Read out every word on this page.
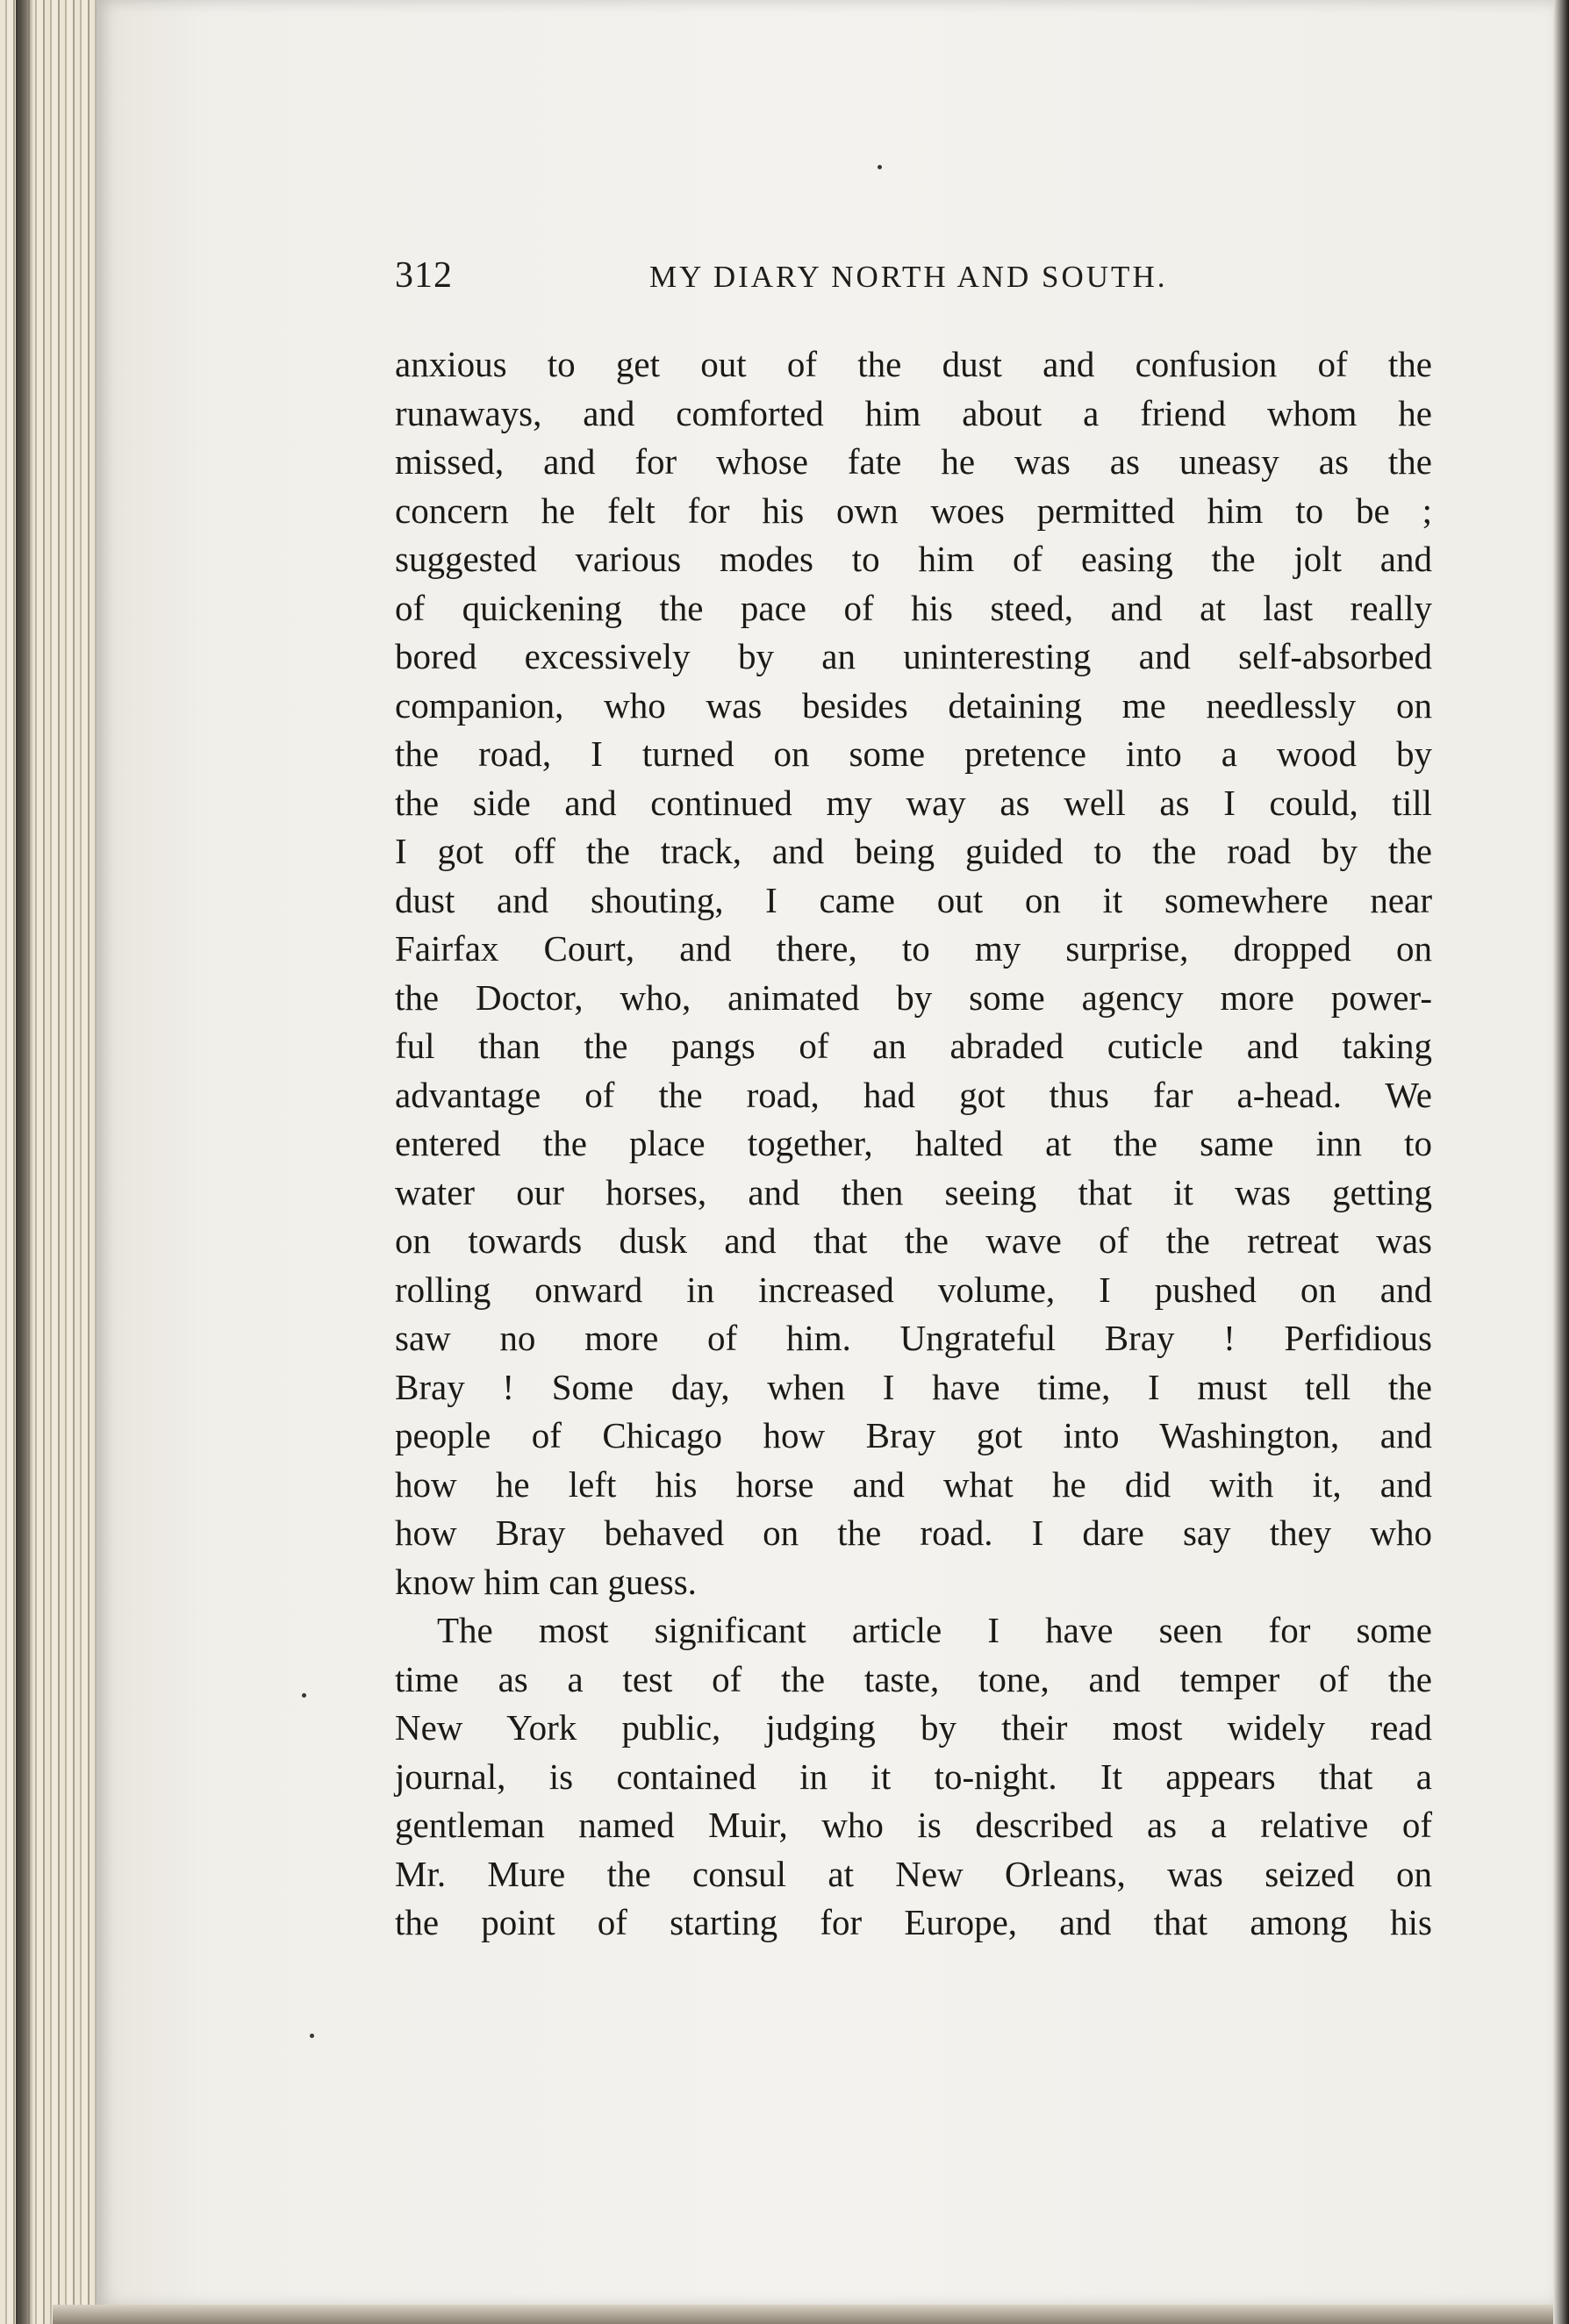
312	MY DIARY NORTH AND SOUTH.
anxious to get out of the dust and confusion of the
runaways, and comforted him about a friend whom he
missed, and for whose fate he was as uneasy as the
concern he felt for his own woes permitted him to be ;
suggested various modes to him of easing the jolt and
of quickening the pace of his steed, and at last really
bored excessively by an uninteresting and self-absorbed
companion, who was besides detaining me needlessly on
the road, I turned on some pretence into a wood by
the side and continued my way as well as I could, till
I got off the track, and being guided to the road by the
dust and shouting, I came out on it somewhere near
Fairfax Court, and there, to my surprise, dropped on
the Doctor, who, animated by some agency more power-
ful than the pangs of an abraded cuticle and taking
advantage of the road, had got thus far a-head. We
entered the place together, halted at the same inn to
water our horses, and then seeing that it was getting
on towards dusk and that the wave of the retreat was
rolling onward in increased volume, I pushed on and
saw no more of him. Ungrateful Bray ! Perfidious
Bray ! Some day, when I have time, I must tell the
people of Chicago how Bray got into Washington, and
how he left his horse and what he did with it, and
how Bray behaved on the road. I dare say they who
know him can guess.
The most significant article I have seen for some
time as a test of the taste, tone, and temper of the
New York public, judging by their most widely read
journal, is contained in it to-night. It appears that a
gentleman named Muir, who is described as a relative of
Mr. Mure the consul at New Orleans, was seized on
the point of starting for Europe, and that among his
